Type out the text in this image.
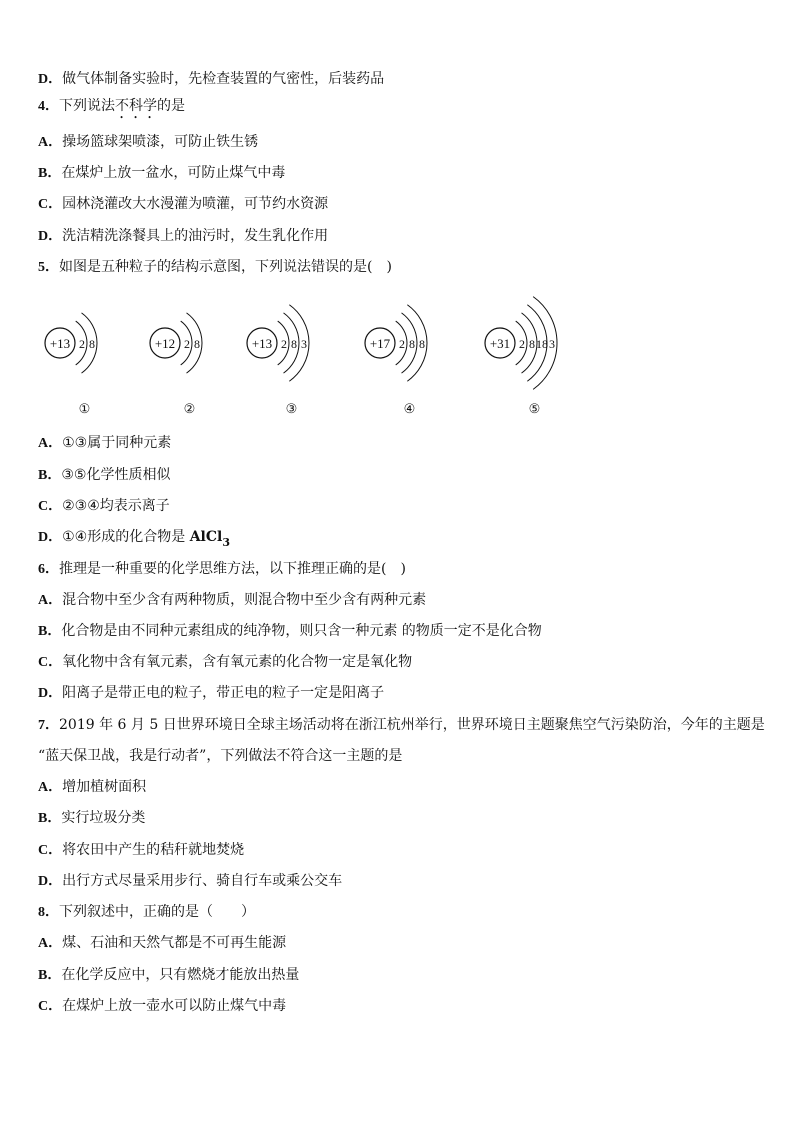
D．做气体制备实验时，先检查装置的气密性，后装药品
4．下列说法不科学的是
A．操场篮球架喷漆，可防止铁生锈
B．在煤炉上放一盆水，可防止煤气中毒
C．园林浇灌改大水漫灌为喷灌，可节约水资源
D．洗洁精洗涤餐具上的油污时，发生乳化作用
5．如图是五种粒子的结构示意图，下列说法错误的是(　)
A．①③属于同种元素
B．③⑤化学性质相似
C．②③④均表示离子
D．①④形成的化合物是 AlCl$_3$
6．推理是一种重要的化学思维方法，以下推理正确的是(　)
A．混合物中至少含有两种物质，则混合物中至少含有两种元素
B．化合物是由不同种元素组成的纯净物，则只含一种元素 的物质一定不是化合物
C．氧化物中含有氧元素，含有氧元素的化合物一定是氧化物
D．阳离子是带正电的粒子，带正电的粒子一定是阳离子
7．2019 年 6 月 5 日世界环境日全球主场活动将在浙江杭州举行，世界环境日主题聚焦空气污染防治，今年的主题是
“蓝天保卫战，我是行动者”，下列做法不符合这一主题的是
A．增加植树面积
B．实行垃圾分类
C．将农田中产生的秸秆就地焚烧
D．出行方式尽量采用步行、骑自行车或乘公交车
8．下列叙述中，正确的是（　　）
A．煤、石油和天然气都是不可再生能源
B．在化学反应中，只有燃烧才能放出热量
C．在煤炉上放一壶水可以防止煤气中毒
+13 2 8
①
+12 2 8
②
+13 2 8 3
③
+17 2 8 8
④
+31 2 8 18 3
⑤
